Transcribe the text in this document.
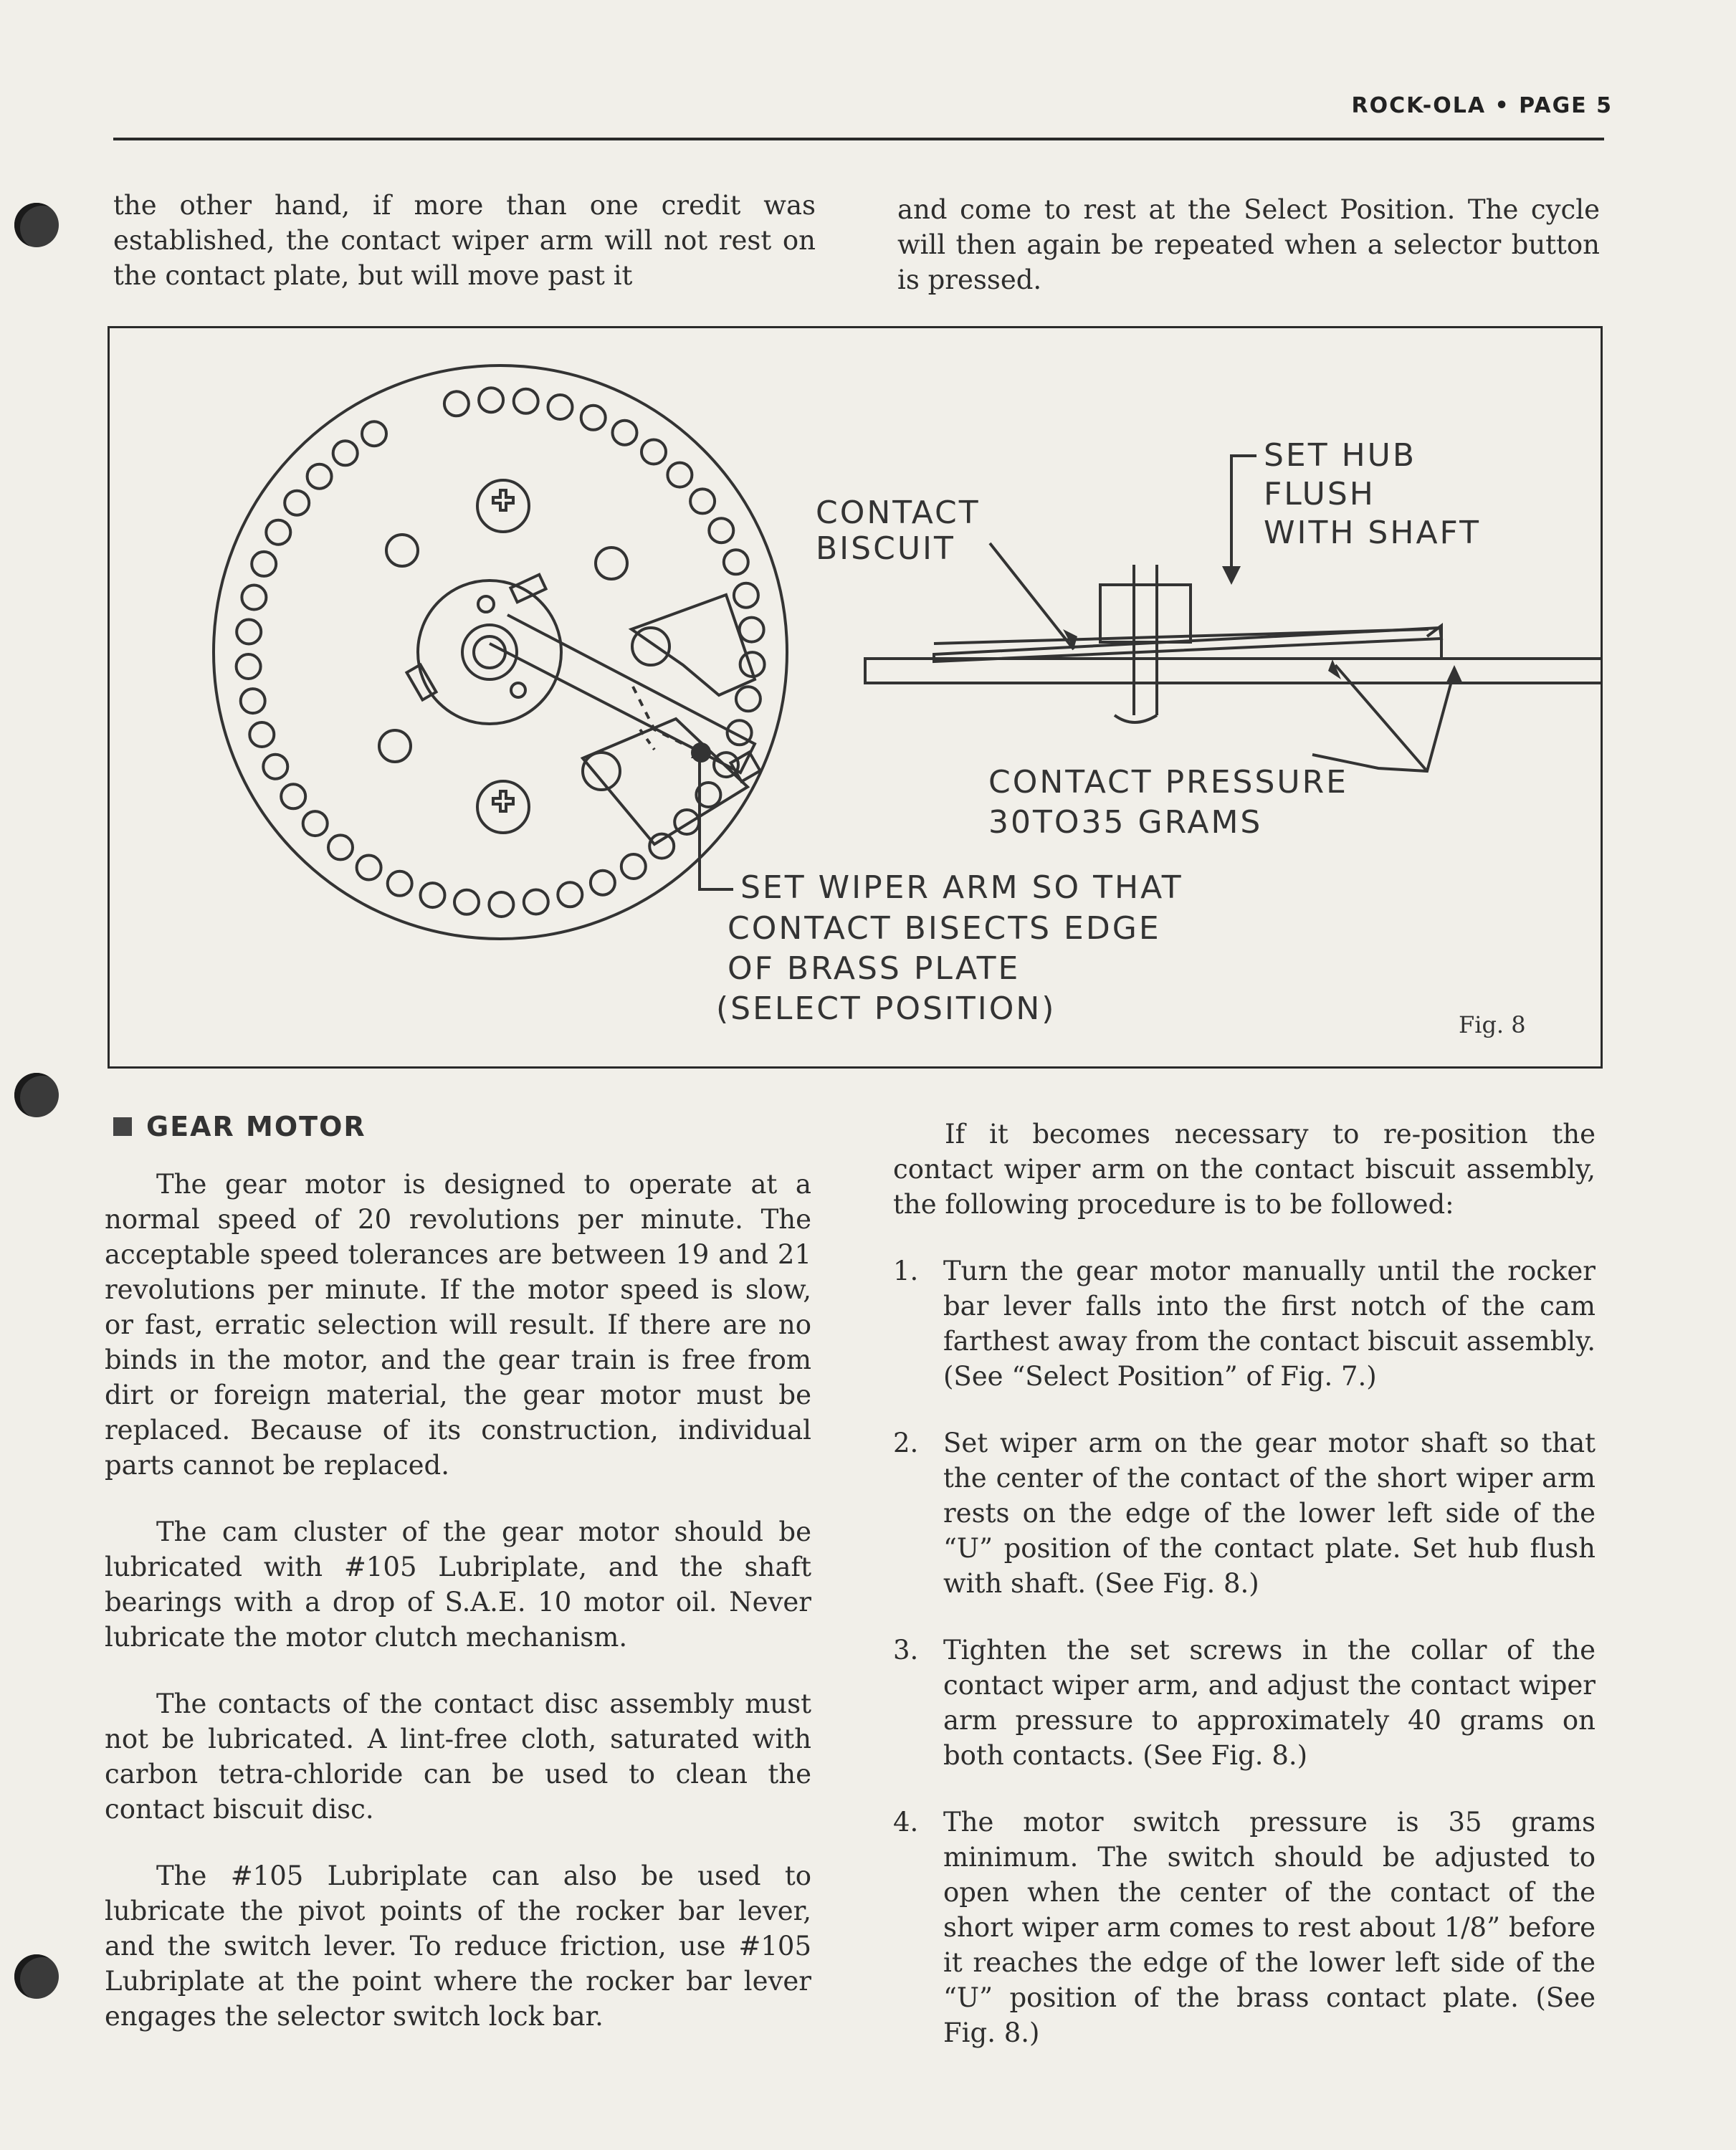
ROCK-OLA • PAGE 5

the other hand, if more than one credit was established, the contact wiper arm will not rest on the contact plate, but will move past it

and come to rest at the Select Position. The cycle will then again be repeated when a selector button is pressed.

CONTACT
BISCUIT
SET HUB
FLUSH
WITH SHAFT
CONTACT PRESSURE
30TO35 GRAMS
SET WIPER ARM SO THAT
CONTACT BISECTS EDGE
OF BRASS PLATE
(SELECT POSITION)	Fig. 8
GEAR MOTOR

The gear motor is designed to operate at a normal speed of 20 revolutions per minute. The acceptable speed tolerances are between 19 and 21 revolutions per minute. If the motor speed is slow, or fast, erratic selection will result. If there are no binds in the motor, and the gear train is free from dirt or foreign material, the gear motor must be replaced. Because of its construction, individual parts cannot be replaced.

The cam cluster of the gear motor should be lubricated with #105 Lubriplate, and the shaft bearings with a drop of S.A.E. 10 motor oil. Never lubricate the motor clutch mechanism.

The contacts of the contact disc assembly must not be lubricated. A lint-free cloth, saturated with carbon tetra-chloride can be used to clean the contact biscuit disc.

The #105 Lubriplate can also be used to lubricate the pivot points of the rocker bar lever, and the switch lever. To reduce friction, use #105 Lubriplate at the point where the rocker bar lever engages the selector switch lock bar.

If it becomes necessary to re-position the contact wiper arm on the contact biscuit assembly, the following procedure is to be followed:

1. Turn the gear motor manually until the rocker bar lever falls into the first notch of the cam farthest away from the contact biscuit assembly. (See “Select Position” of Fig. 7.)
2. Set wiper arm on the gear motor shaft so that the center of the contact of the short wiper arm rests on the edge of the lower left side of the “U” position of the contact plate. Set hub flush with shaft. (See Fig. 8.)
3. Tighten the set screws in the collar of the contact wiper arm, and adjust the contact wiper arm pressure to approximately 40 grams on both contacts. (See Fig. 8.)
4. The motor switch pressure is 35 grams minimum. The switch should be adjusted to open when the center of the contact of the short wiper arm comes to rest about 1/8” before it reaches the edge of the lower left side of the “U” position of the brass contact plate. (See Fig. 8.)
